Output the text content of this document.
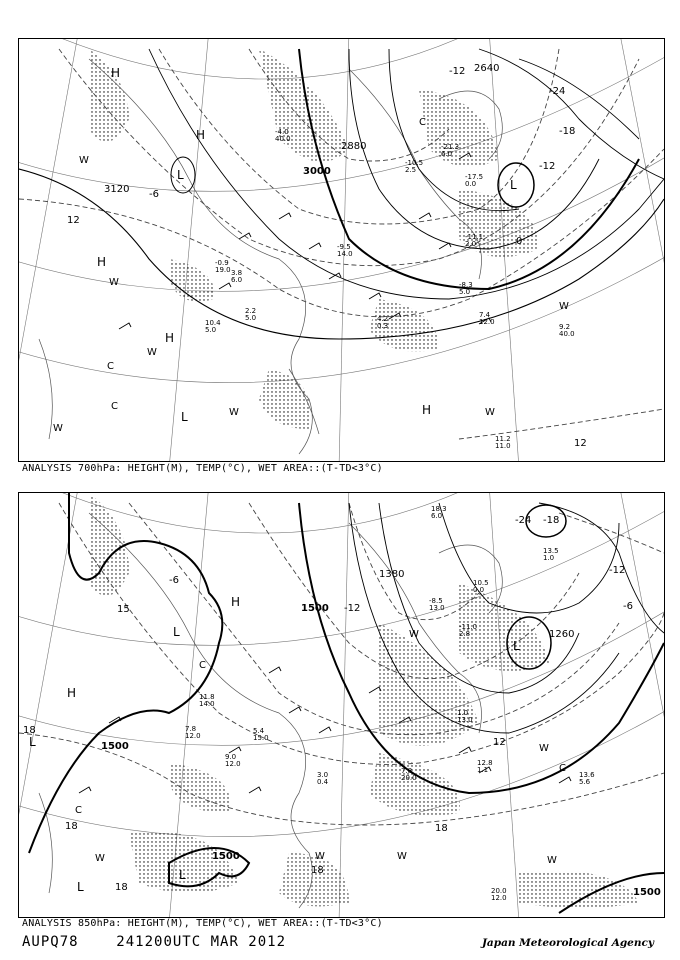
3120
2880
3000
2640
12
-6
-18
-24
-12
0
12
-12
H
H
H
H
H
L
L
L
C
C
W
W
W
W	W
W
W
C
-4.0
40.0
-8.3
5.0
-21.3
6.0
-17.5
0.0
-11.1
2.0
-9.5
14.0
-10.5
2.5
7.4
12.0
9.2
40.0
11.2
11.0
4.2
0.3
3.8
6.0
2.2
5.0
-0.9
19.0
10.4
5.0
ANALYSIS 700hPa: HEIGHT(M), TEMP(°C), WET AREA::(T-TD<3°C)
1500
1500
1500
1500
1380
1260
-24 -18
-12	-6
-6
-12
12
18
18	18
18
15
18
H
H
L
L
L
L
L
C
C
C
W
W
W	W	W
W
18.3
6.0
-11.0
2.8
10.5
0.0
-8.5
13.0
13.5
1.0
12.8
1.1
13.6
5.6
20.0
12.0
7.8
20.0
3.0
0.4
5.4
15.0
7.8
12.0
11.8
14.0
9.0
12.0
1.0
13.0
ANALYSIS 850hPa: HEIGHT(M), TEMP(°C), WET AREA::(T-TD<3°C)
AUPQ78	241200UTC MAR 2012	Japan Meteorological Agency
